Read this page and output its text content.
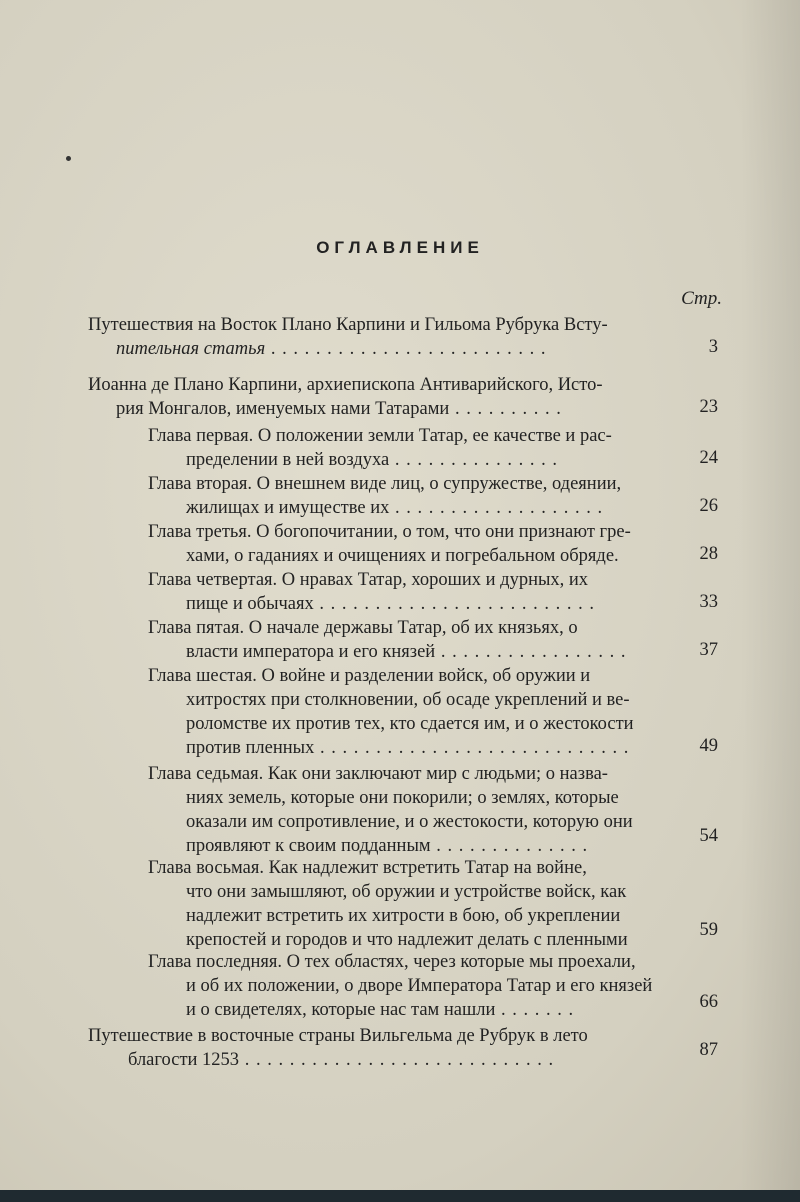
ОГЛАВЛЕНИЕ
Стр.
Путешествия на Восток Плано Карпини и Гильома Рубрука Всту-
пительная статья . . . . . . . . . . . . . . . . . . . . . . . . .	3
Иоанна де Плано Карпини, архиепископа Антиварийского, Исто-
рия Монгалов, именуемых нами Татарами . . . . . . . . . .	23
Глава первая. О положении земли Татар, ее качестве и рас-
пределении в ней воздуха . . . . . . . . . . . . . . .	24
Глава вторая. О внешнем виде лиц, о супружестве, одеянии,
жилищах и имуществе их . . . . . . . . . . . . . . . . . . .	26
Глава третья. О богопочитании, о том, что они признают гре-
хами, о гаданиях и очищениях и погребальном обряде.	28
Глава четвертая. О нравах Татар, хороших и дурных, их
пище и обычаях . . . . . . . . . . . . . . . . . . . . . . . . .	33
Глава пятая. О начале державы Татар, об их князьях, о
власти императора и его князей . . . . . . . . . . . . . . . . .	37
Глава шестая. О войне и разделении войск, об оружии и
хитростях при столкновении, об осаде укреплений и ве-
роломстве их против тех, кто сдается им, и о жестокости
против пленных . . . . . . . . . . . . . . . . . . . . . . . . . . . .	49
Глава седьмая. Как они заключают мир с людьми; о назва-
ниях земель, которые они покорили; о землях, которые
оказали им сопротивление, и о жестокости, которую они
проявляют к своим подданным . . . . . . . . . . . . . .	54
Глава восьмая. Как надлежит встретить Татар на войне,
что они замышляют, об оружии и устройстве войск, как
надлежит встретить их хитрости в бою, об укреплении
крепостей и городов и что надлежит делать с пленными	59
Глава последняя. О тех областях, через которые мы проехали,
и об их положении, о дворе Императора Татар и его князей
и о свидетелях, которые нас там нашли . . . . . . .	66
Путешествие в восточные страны Вильгельма де Рубрук в лето
благости 1253 . . . . . . . . . . . . . . . . . . . . . . . . . . . .	87
